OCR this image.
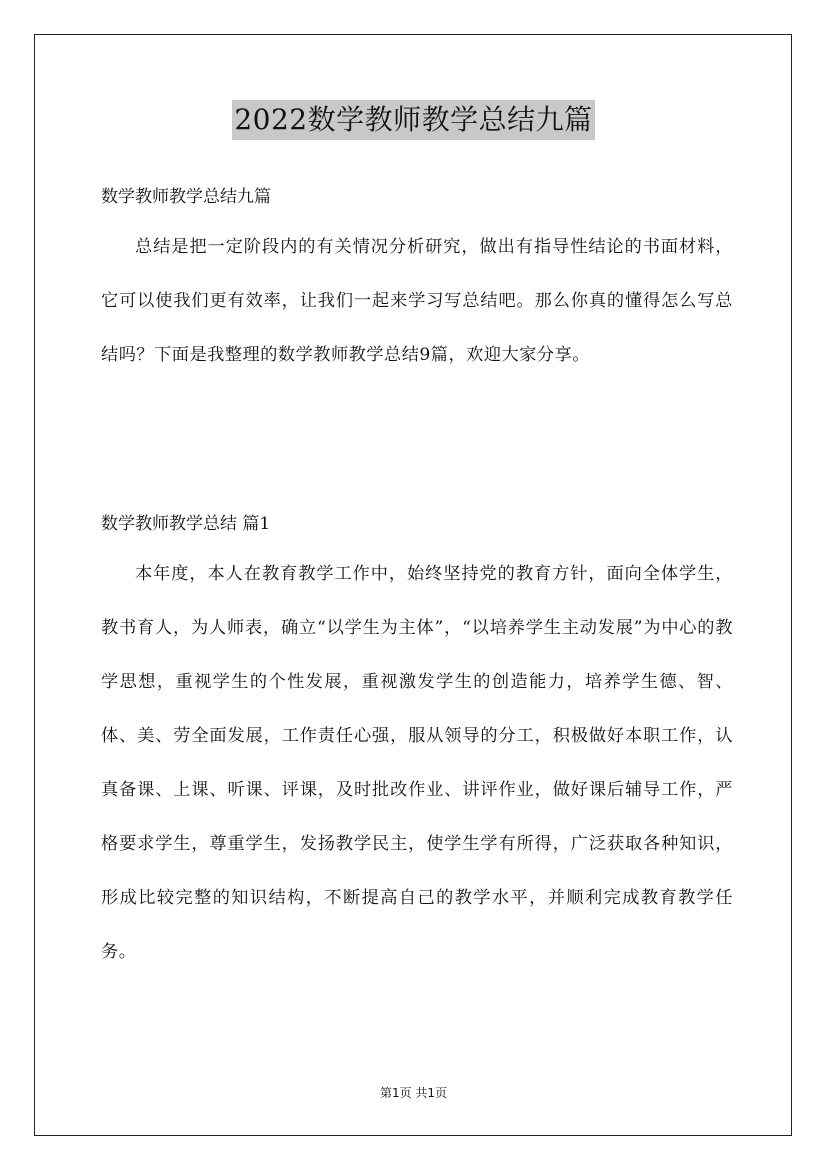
2022数学教师教学总结九篇
数学教师教学总结九篇

总结是把一定阶段内的有关情况分析研究，做出有指导性结论的书面材料，它可以使我们更有效率，让我们一起来学习写总结吧。那么你真的懂得怎么写总结吗？下面是我整理的数学教师教学总结9篇，欢迎大家分享。

数学教师教学总结 篇1

本年度，本人在教育教学工作中，始终坚持党的教育方针，面向全体学生，教书育人，为人师表，确立“以学生为主体”，“以培养学生主动发展”为中心的教学思想，重视学生的个性发展，重视激发学生的创造能力，培养学生德、智、体、美、劳全面发展，工作责任心强，服从领导的分工，积极做好本职工作，认真备课、上课、听课、评课，及时批改作业、讲评作业，做好课后辅导工作，严格要求学生，尊重学生，发扬教学民主，使学生学有所得，广泛获取各种知识，形成比较完整的知识结构，不断提高自己的教学水平，并顺利完成教育教学任务。

第1页 共1页
